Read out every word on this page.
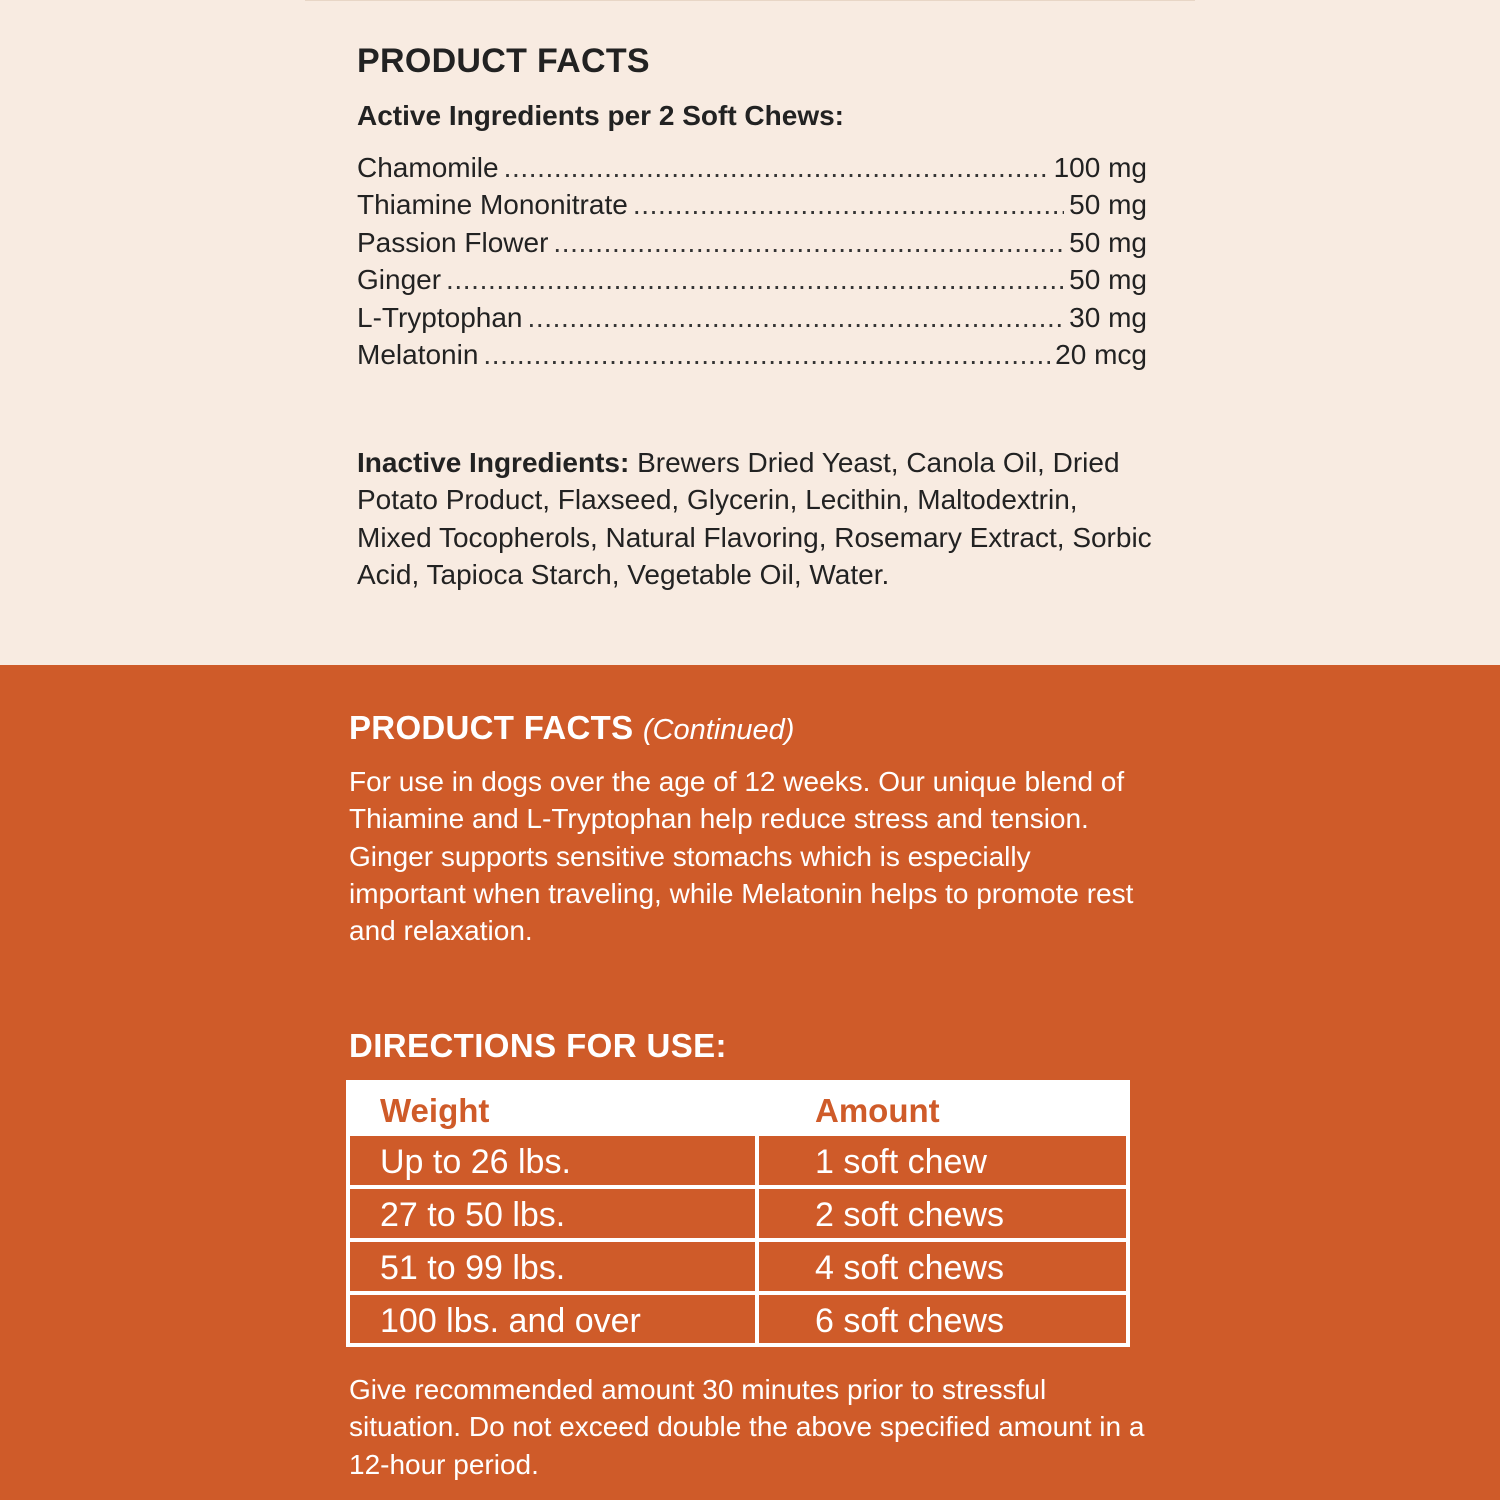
PRODUCT FACTS
Active Ingredients per 2 Soft Chews:
Chamomile .....	100 mg
Thiamine Mononitrate .....	50 mg
Passion Flower .....	50 mg
Ginger .....	50 mg
L-Tryptophan .....	30 mg
Melatonin .....	20 mcg

Inactive Ingredients: Brewers Dried Yeast, Canola Oil, Dried Potato Product, Flaxseed, Glycerin, Lecithin, Maltodextrin, Mixed Tocopherols, Natural Flavoring, Rosemary Extract, Sorbic Acid, Tapioca Starch, Vegetable Oil, Water.

PRODUCT FACTS (Continued)

For use in dogs over the age of 12 weeks. Our unique blend of Thiamine and L-Tryptophan help reduce stress and tension. Ginger supports sensitive stomachs which is especially important when traveling, while Melatonin helps to promote rest and relaxation.

DIRECTIONS FOR USE:
Weight	Amount
Up to 26 lbs.	1 soft chew
27 to 50 lbs.	2 soft chews
51 to 99 lbs.	4 soft chews
100 lbs. and over	6 soft chews

Give recommended amount 30 minutes prior to stressful situation. Do not exceed double the above specified amount in a 12-hour period.
